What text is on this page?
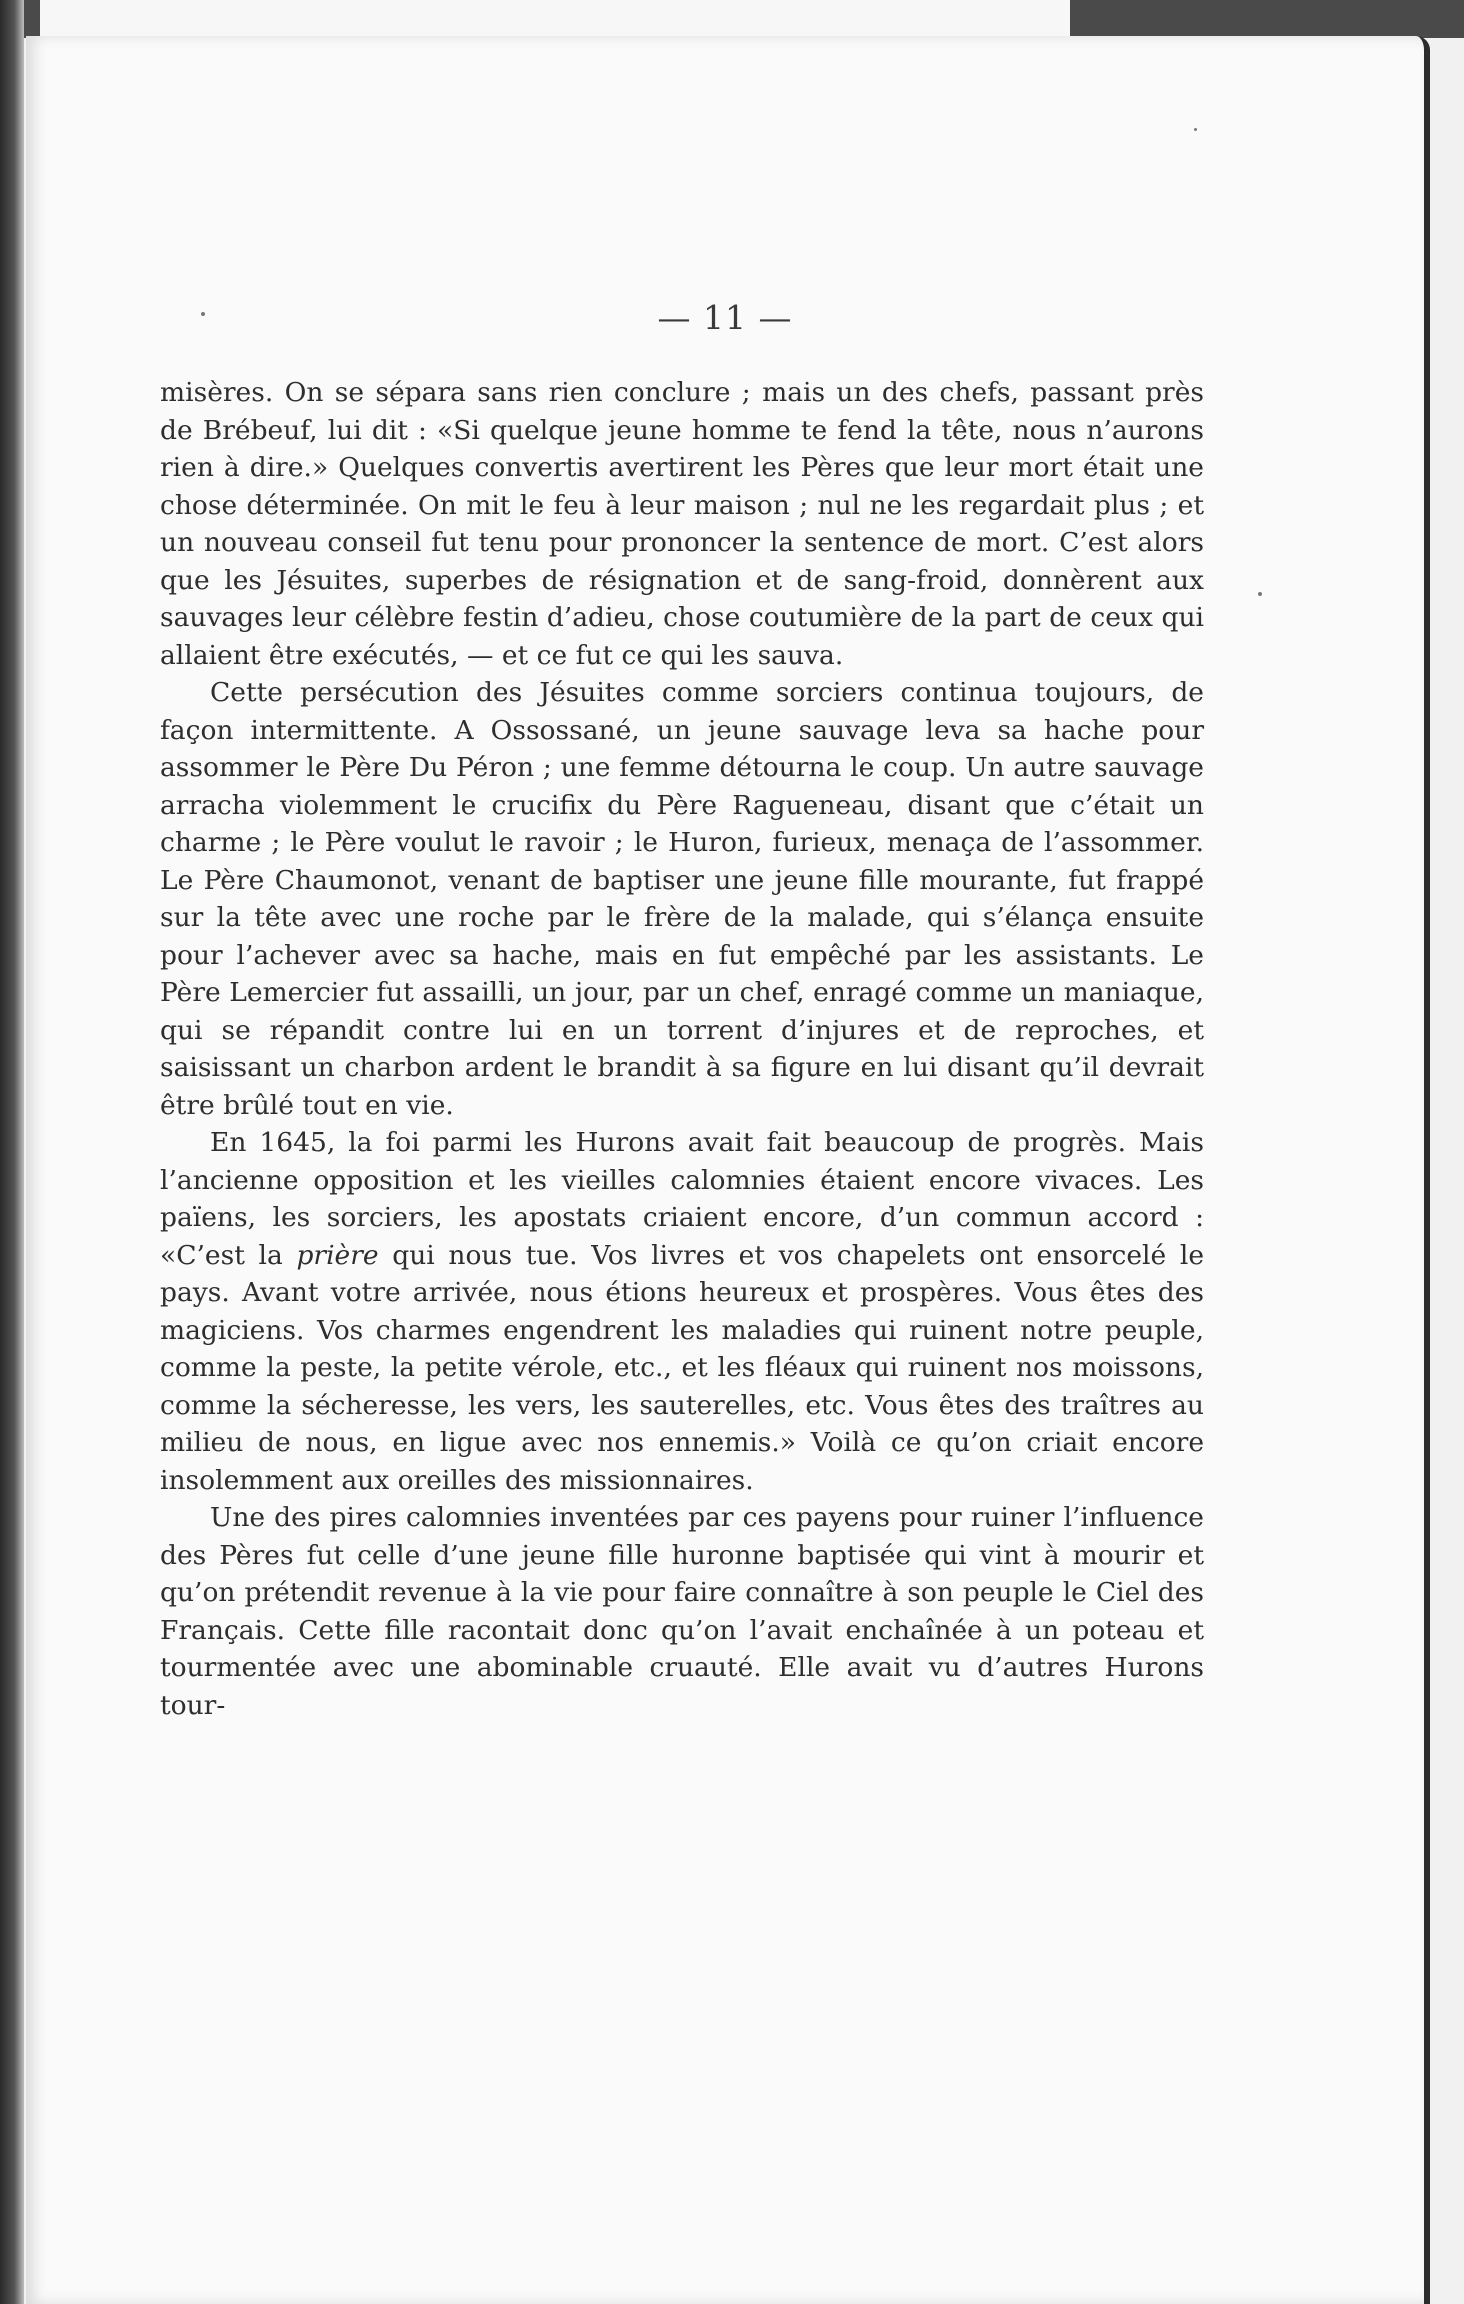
— 11 —

misères. On se sépara sans rien conclure ; mais un des chefs, passant près de Brébeuf, lui dit : «Si quelque jeune homme te fend la tête, nous n’aurons rien à dire.» Quelques convertis avertirent les Pères que leur mort était une chose déterminée. On mit le feu à leur maison ; nul ne les regardait plus ; et un nouveau conseil fut tenu pour prononcer la sentence de mort. C’est alors que les Jésuites, superbes de résignation et de sang-froid, donnèrent aux sauvages leur célèbre festin d’adieu, chose coutumière de la part de ceux qui allaient être exécutés, — et ce fut ce qui les sauva.

Cette persécution des Jésuites comme sorciers continua toujours, de façon intermittente. A Ossossané, un jeune sauvage leva sa hache pour assommer le Père Du Péron ; une femme détourna le coup. Un autre sauvage arracha violemment le crucifix du Père Ragueneau, disant que c’était un charme ; le Père voulut le ravoir ; le Huron, furieux, menaça de l’assommer. Le Père Chaumonot, venant de baptiser une jeune fille mourante, fut frappé sur la tête avec une roche par le frère de la malade, qui s’élança ensuite pour l’achever avec sa hache, mais en fut empêché par les assistants. Le Père Lemercier fut assailli, un jour, par un chef, enragé comme un maniaque, qui se répandit contre lui en un torrent d’injures et de reproches, et saisissant un charbon ardent le brandit à sa figure en lui disant qu’il devrait être brûlé tout en vie.

En 1645, la foi parmi les Hurons avait fait beaucoup de progrès. Mais l’ancienne opposition et les vieilles calomnies étaient encore vivaces. Les païens, les sorciers, les apostats criaient encore, d’un commun accord : «C’est la prière qui nous tue. Vos livres et vos chapelets ont ensorcelé le pays. Avant votre arrivée, nous étions heureux et prospères. Vous êtes des magiciens. Vos charmes engendrent les maladies qui ruinent notre peuple, comme la peste, la petite vérole, etc., et les fléaux qui ruinent nos moissons, comme la sécheresse, les vers, les sauterelles, etc. Vous êtes des traîtres au milieu de nous, en ligue avec nos ennemis.» Voilà ce qu’on criait encore insolemment aux oreilles des missionnaires.

Une des pires calomnies inventées par ces payens pour ruiner l’influence des Pères fut celle d’une jeune fille huronne baptisée qui vint à mourir et qu’on prétendit revenue à la vie pour faire connaître à son peuple le Ciel des Français. Cette fille racontait donc qu’on l’avait enchaînée à un poteau et tourmentée avec une abominable cruauté. Elle avait vu d’autres Hurons tour-
